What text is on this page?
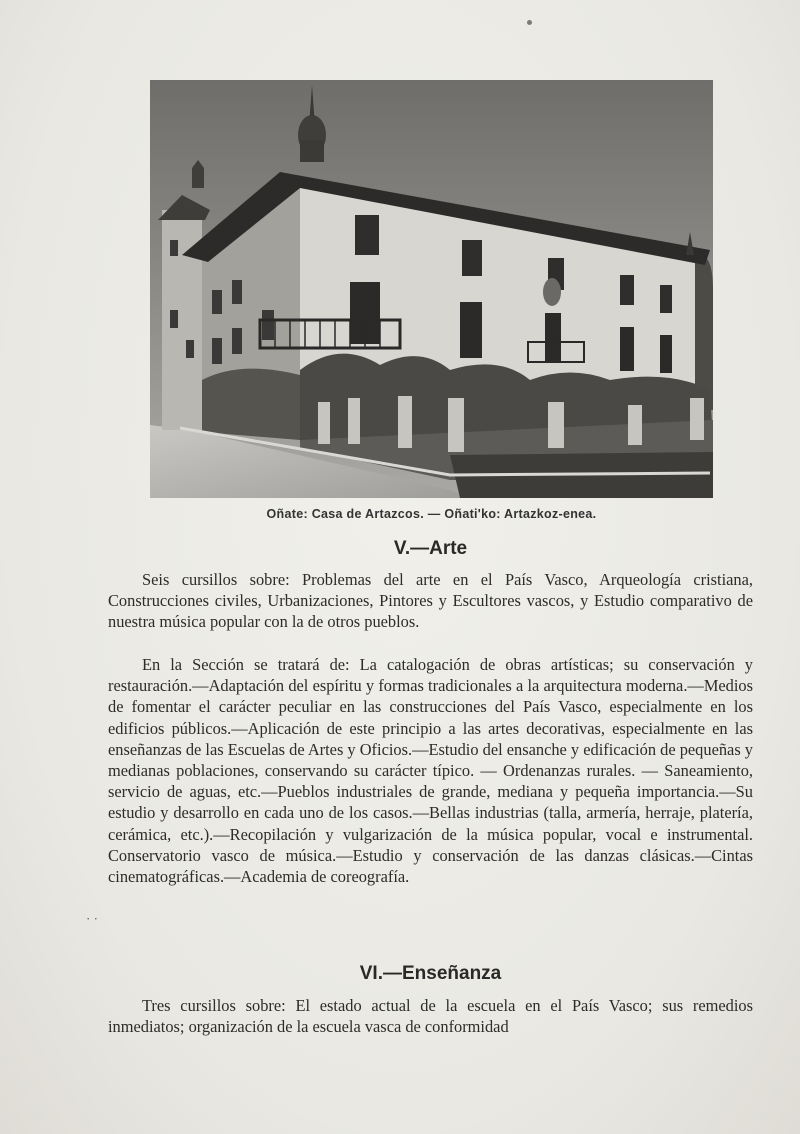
Oñate: Casa de Artazcos. — Oñati'ko: Artazkoz-enea.
V.—Arte
Seis cursillos sobre: Problemas del arte en el País Vasco, Arqueología cristiana, Construcciones civiles, Urbanizaciones, Pintores y Escultores vascos, y Estudio comparativo de nuestra música popular con la de otros pueblos.
En la Sección se tratará de: La catalogación de obras artísticas; su conservación y restauración.—Adaptación del espíritu y formas tradicionales a la arquitectura moderna.—Medios de fomentar el carácter peculiar en las construcciones del País Vasco, especialmente en los edificios públicos.—Aplicación de este principio a las artes decorativas, especialmente en las enseñanzas de las Escuelas de Artes y Oficios.—Estudio del ensanche y edificación de pequeñas y medianas poblaciones, conservando su carácter típico. — Ordenanzas rurales. — Saneamiento, servicio de aguas, etc.—Pueblos industriales de grande, mediana y pequeña importancia.—Su estudio y desarrollo en cada uno de los casos.—Bellas industrias (talla, armería, herraje, platería, cerámica, etc.).—Recopilación y vulgarización de la música popular, vocal e instrumental. Conservatorio vasco de música.—Estudio y conservación de las danzas clásicas.—Cintas cinematográficas.—Academia de coreografía.
· ·
VI.—Enseñanza
Tres cursillos sobre: El estado actual de la escuela en el País Vasco; sus remedios inmediatos; organización de la escuela vasca de conformidad
